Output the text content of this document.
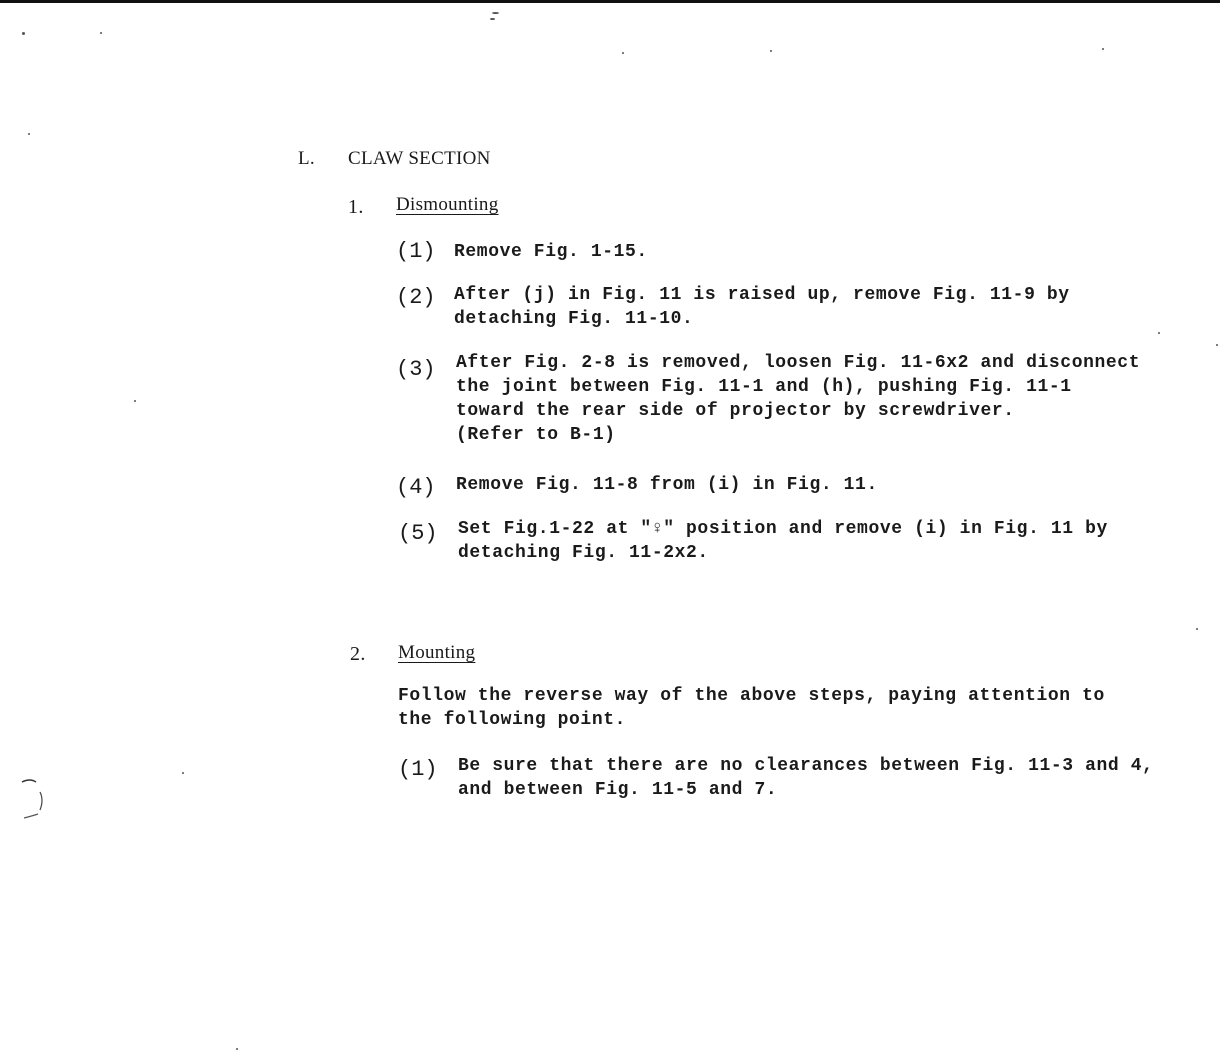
L. CLAW SECTION
1. Dismounting
(1) Remove Fig. 1-15.
(2) After (j) in Fig. 11 is raised up, remove Fig. 11-9 by
detaching Fig. 11-10.
(3) After Fig. 2-8 is removed, loosen Fig. 11-6x2 and disconnect
the joint between Fig. 11-1 and (h), pushing Fig. 11-1
toward the rear side of projector by screwdriver.
(Refer to B-1)
(4) Remove Fig. 11-8 from (i) in Fig. 11.
(5) Set Fig.1-22 at "♀" position and remove (i) in Fig. 11 by
detaching Fig. 11-2x2.
2. Mounting
Follow the reverse way of the above steps, paying attention to
the following point.
(1) Be sure that there are no clearances between Fig. 11-3 and 4,
and between Fig. 11-5 and 7.
